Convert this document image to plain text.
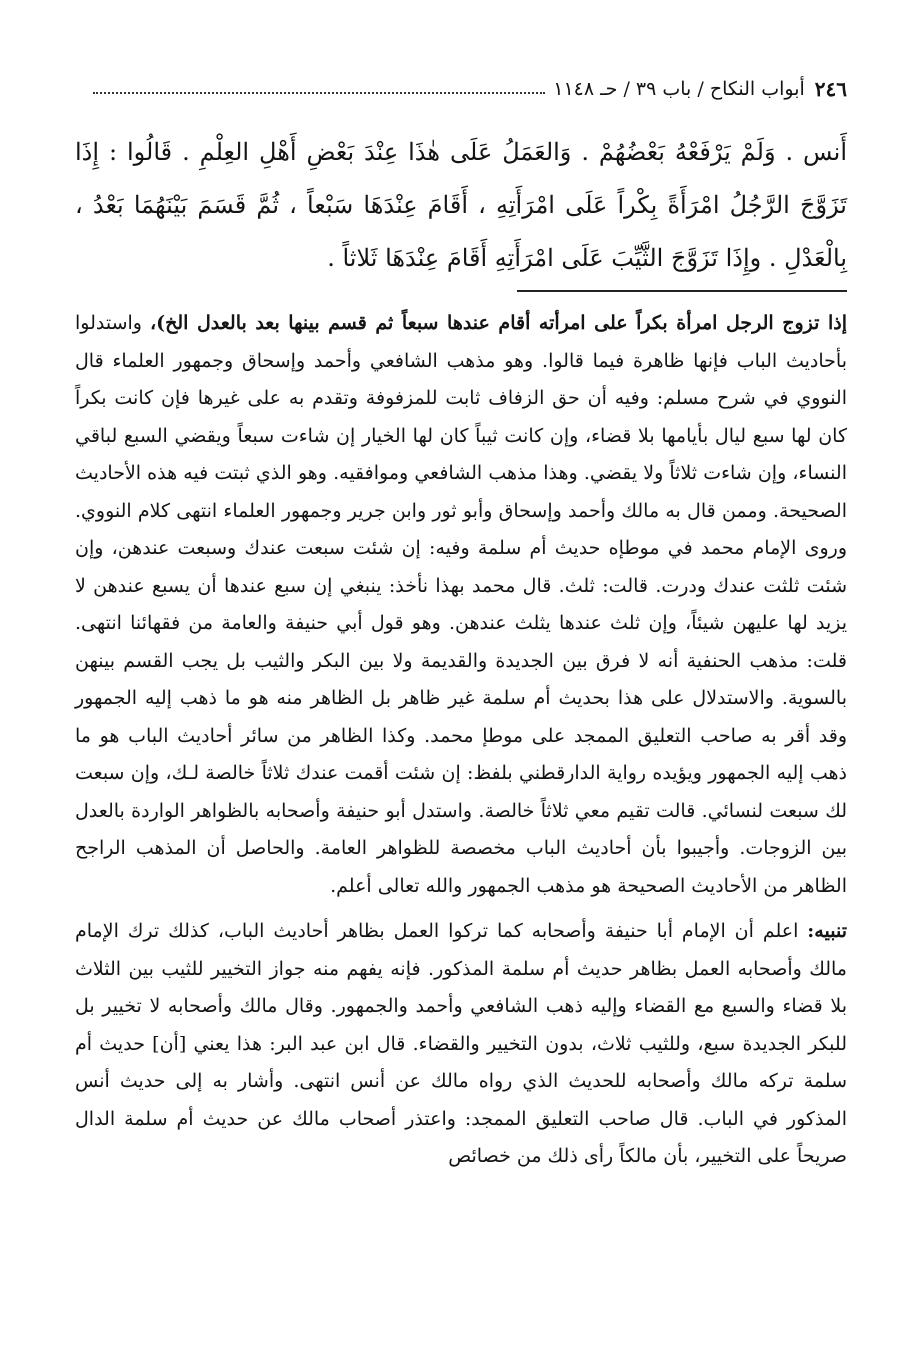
٢٤٦
أبواب النكاح / باب ٣٩ / حـ ١١٤٨

أَنس . وَلَمْ يَرْفَعْهُ بَعْضُهُمْ . وَالعَمَلُ عَلَى هٰذَا عِنْدَ بَعْضِ أَهْلِ العِلْمِ . قَالُوا : إِذَا تَزَوَّجَ الرَّجُلُ امْرَأَةً بِكْراً عَلَى امْرَأَتِهِ ، أَقَامَ عِنْدَهَا سَبْعاً ، ثُمَّ قَسَمَ بَيْنَهُمَا بَعْدُ ، بِالْعَدْلِ . وإِذَا تَزَوَّجَ الثَّيِّبَ عَلَى امْرَأَتِهِ أَقَامَ عِنْدَهَا ثَلاثاً .

إذا تزوج الرجل امرأة بكراً على امرأته أقام عندها سبعاً ثم قسم بينها بعد بالعدل الخ)، واستدلوا بأحاديث الباب فإنها ظاهرة فيما قالوا. وهو مذهب الشافعي وأحمد وإسحاق وجمهور العلماء قال النووي في شرح مسلم: وفيه أن حق الزفاف ثابت للمزفوفة وتقدم به على غيرها فإن كانت بكراً كان لها سبع ليال بأيامها بلا قضاء، وإن كانت ثيباً كان لها الخيار إن شاءت سبعاً ويقضي السبع لباقي النساء، وإن شاءت ثلاثاً ولا يقضي. وهذا مذهب الشافعي وموافقيه. وهو الذي ثبتت فيه هذه الأحاديث الصحيحة. وممن قال به مالك وأحمد وإسحاق وأبو ثور وابن جرير وجمهور العلماء انتهى كلام النووي. وروى الإمام محمد في موطإه حديث أم سلمة وفيه: إن شئت سبعت عندك وسبعت عندهن، وإن شئت ثلثت عندك ودرت. قالت: ثلث. قال محمد بهذا نأخذ: ينبغي إن سبع عندها أن يسبع عندهن لا يزيد لها عليهن شيئاً، وإن ثلث عندها يثلث عندهن. وهو قول أبي حنيفة والعامة من فقهائنا انتهى. قلت: مذهب الحنفية أنه لا فرق بين الجديدة والقديمة ولا بين البكر والثيب بل يجب القسم بينهن بالسوية. والاستدلال على هذا بحديث أم سلمة غير ظاهر بل الظاهر منه هو ما ذهب إليه الجمهور وقد أقر به صاحب التعليق الممجد على موطإ محمد. وكذا الظاهر من سائر أحاديث الباب هو ما ذهب إليه الجمهور ويؤيده رواية الدارقطني بلفظ: إن شئت أقمت عندك ثلاثاً خالصة لـك، وإن سبعت لك سبعت لنسائي. قالت تقيم معي ثلاثاً خالصة. واستدل أبو حنيفة وأصحابه بالظواهر الواردة بالعدل بين الزوجات. وأجيبوا بأن أحاديث الباب مخصصة للظواهر العامة. والحاصل أن المذهب الراجح الظاهر من الأحاديث الصحيحة هو مذهب الجمهور والله تعالى أعلم.

تنبيه: اعلم أن الإمام أبا حنيفة وأصحابه كما تركوا العمل بظاهر أحاديث الباب، كذلك ترك الإمام مالك وأصحابه العمل بظاهر حديث أم سلمة المذكور. فإنه يفهم منه جواز التخيير للثيب بين الثلاث بلا قضاء والسبع مع القضاء وإليه ذهب الشافعي وأحمد والجمهور. وقال مالك وأصحابه لا تخيير بل للبكر الجديدة سبع، وللثيب ثلاث، بدون التخيير والقضاء. قال ابن عبد البر: هذا يعني [أن] حديث أم سلمة تركه مالك وأصحابه للحديث الذي رواه مالك عن أنس انتهى. وأشار به إلى حديث أنس المذكور في الباب. قال صاحب التعليق الممجد: واعتذر أصحاب مالك عن حديث أم سلمة الدال صريحاً على التخيير، بأن مالكاً رأى ذلك من خصائص
